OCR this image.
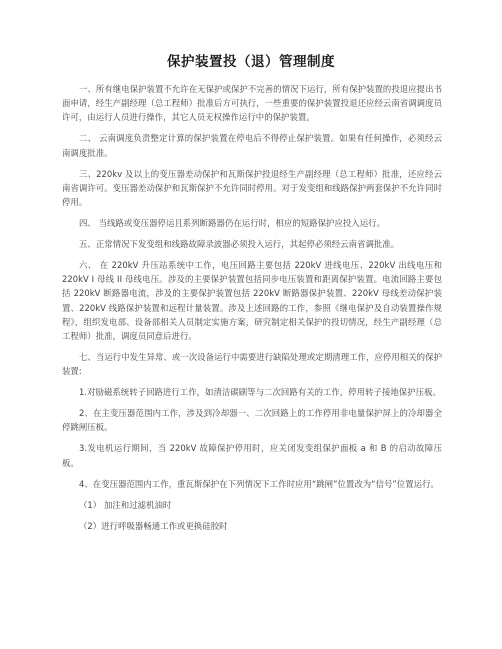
保护装置投（退）管理制度

一、所有继电保护装置不允许在无保护或保护不完善的情况下运行，所有保护装置的投退应提出书面申请，经生产副经理（总工程师）批准后方可执行，一些重要的保护装置投退还应经云南省调调度员许可，由运行人员进行操作，其它人员无权操作运行中的保护装置。

二、 云南调度负责整定计算的保护装置在停电后不得停止保护装置。如果有任何操作，必须经云南调度批准。

三、220kv 及以上的变压器差动保护和瓦斯保护投退经生产副经理（总工程师）批准，还应经云南省调许可。变压器差动保护和瓦斯保护不允许同时停用。对于发变组和线路保护两套保护不允许同时停用。

四、 当线路或变压器停运且系列断路器仍在运行时，相应的短路保护应投入运行。

五、正常情况下发变组和线路故障录波器必须投入运行，其起停必须经云南省调批准。

六、 在 220kV 升压站系统中工作，电压回路主要包括 220kV 进线电压、220kV 出线电压和 220kV I 母线 II 母线电压。涉及的主要保护装置包括同步电压装置和距离保护装置。电流回路主要包括 220kV 断路器电流，涉及的主要保护装置包括 220kV 断路器保护装置、220kV 母线差动保护装置、220kV 线路保护装置和远程计量装置。涉及上述回路的工作，参照《继电保护及自动装置操作规程》，组织发电部、设备部相关人员制定实施方案，研究制定相关保护的投切情况，经生产副经理（总工程师）批准，调度员同意后进行。

七、当运行中发生异常、或一次设备运行中需要进行缺陷处理或定期清理工作，应停用相关的保护装置:

1.对励磁系统转子回路进行工作，如清洁碳刷等与二次回路有关的工作，停用转子接地保护压板。

2、在主变压器范围内工作，涉及到冷却器一、二次回路上的工作停用非电量保护屏上的冷却器全停跳闸压板。

3.发电机运行期间，当 220kV 故障保护停用时，应关闭发变组保护面板 a 和 B 的启动故障压板。

4、在变压器范围内工作，重瓦斯保护在下列情况下工作时应用“跳闸”位置改为“信号”位置运行。

（1） 加注和过滤机油时

（2）进行呼吸器畅通工作或更换硅胶时
